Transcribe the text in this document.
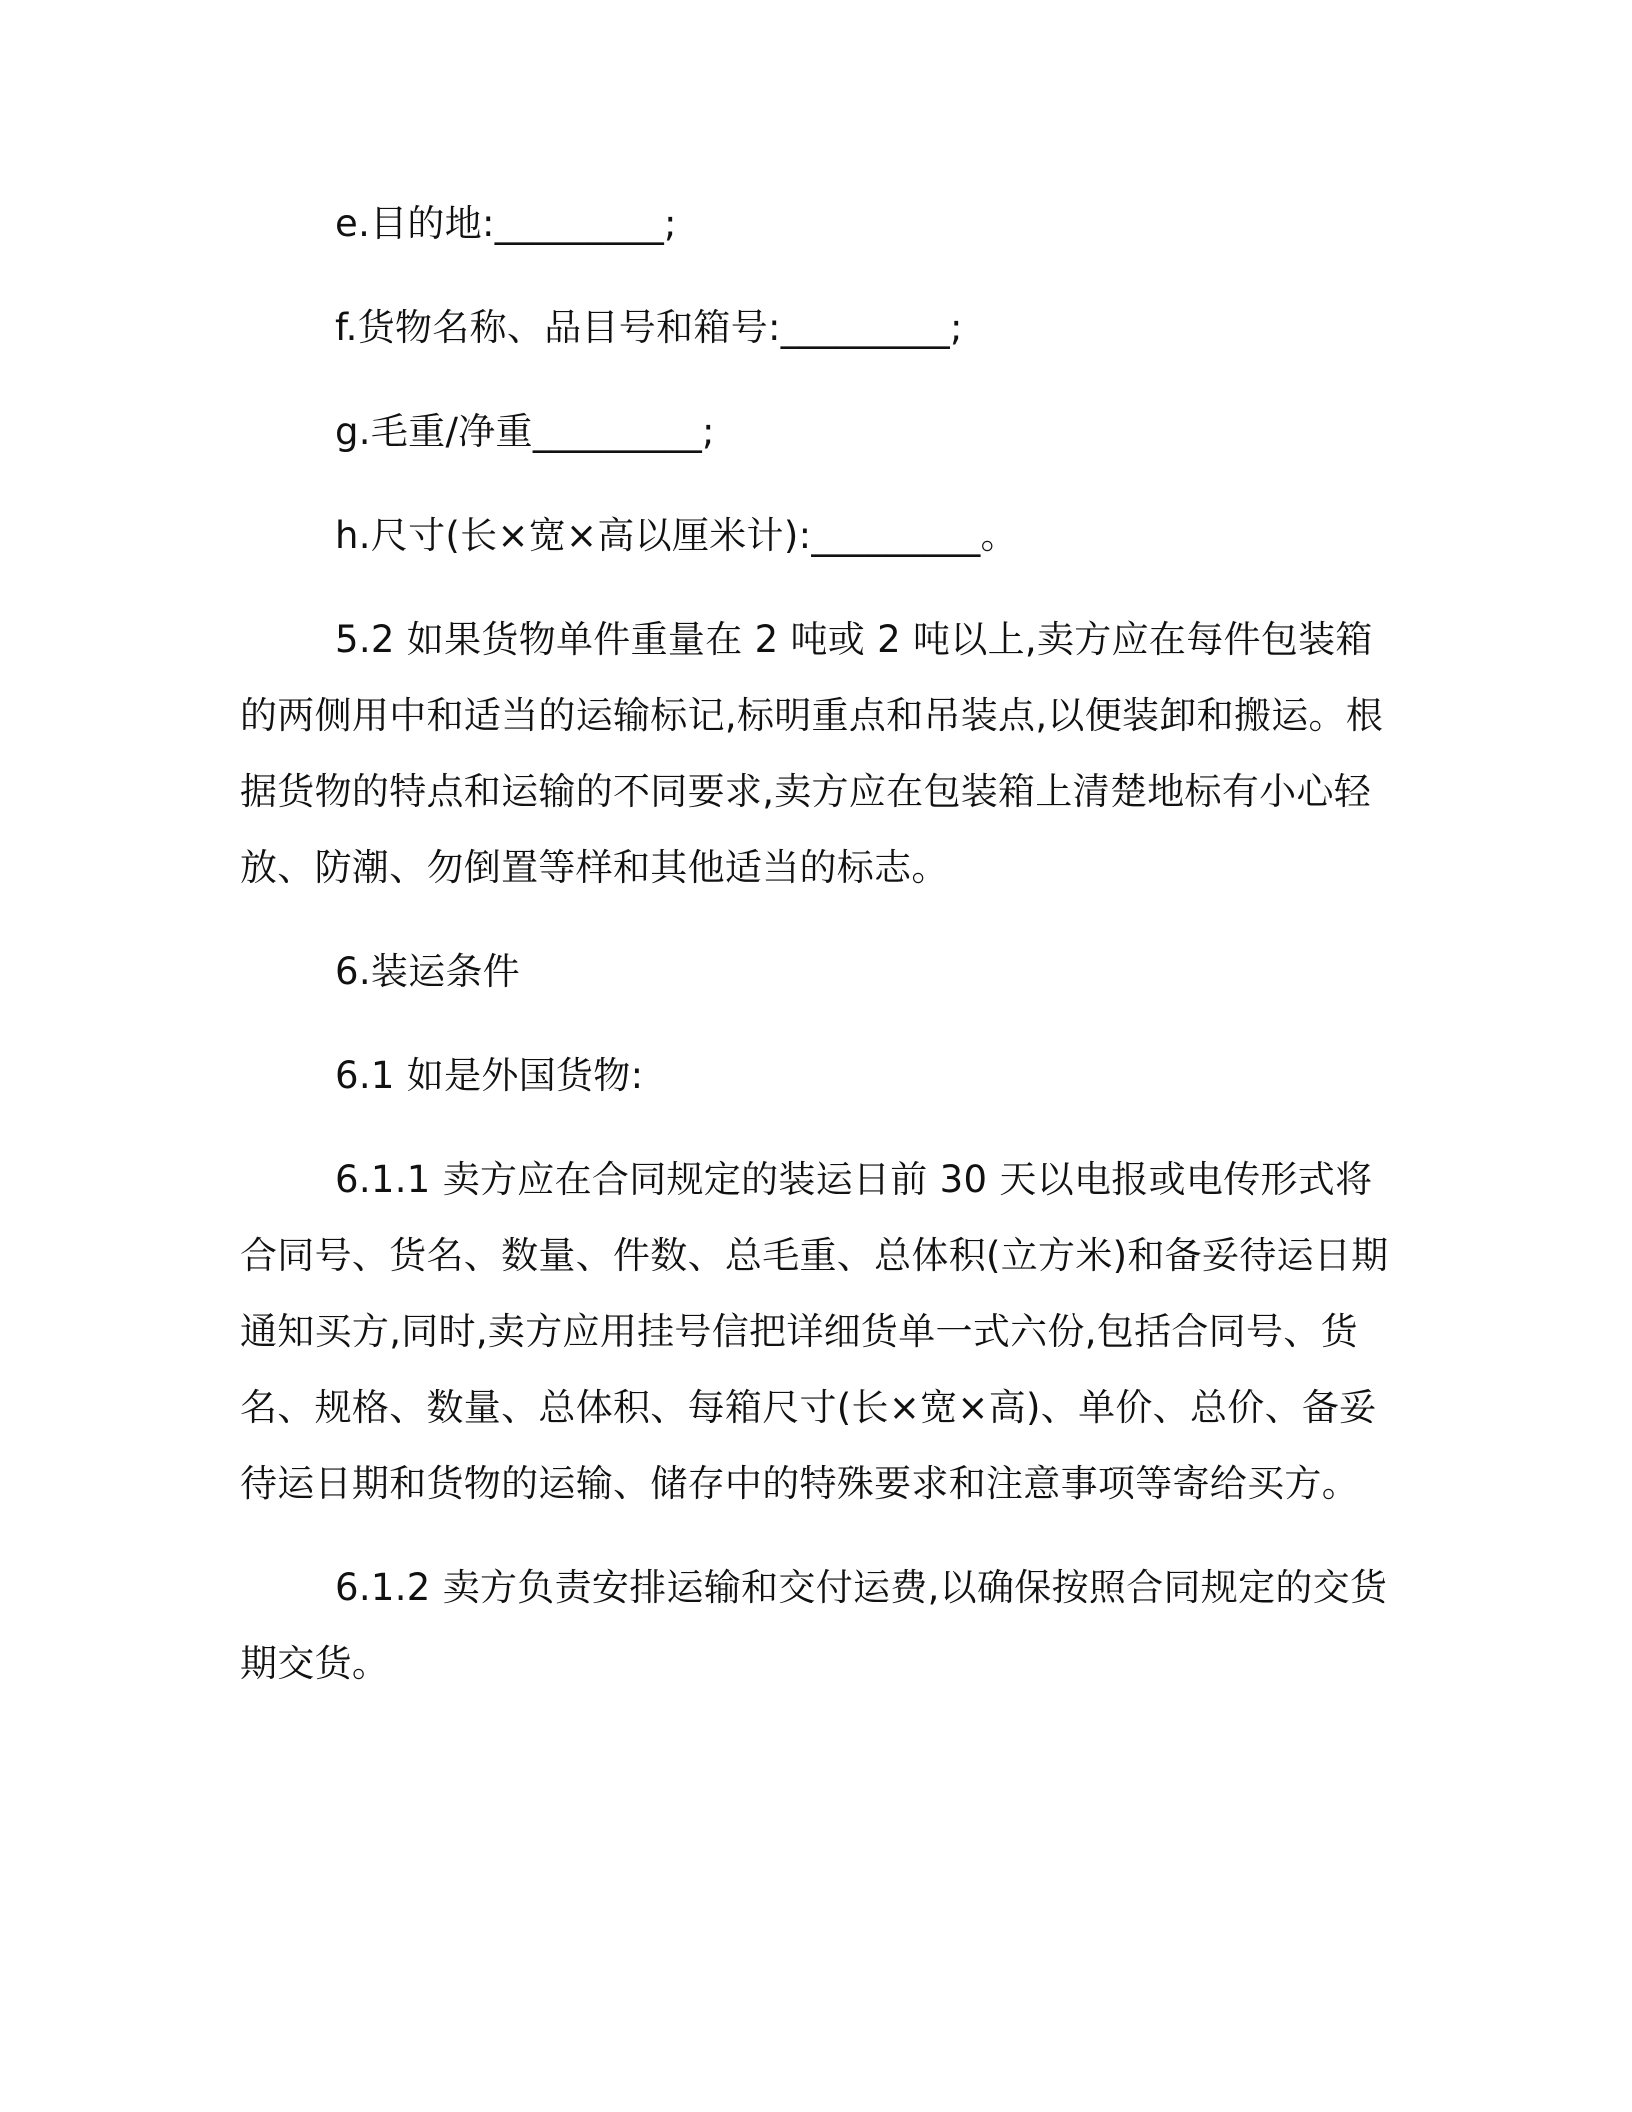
e.目的地:_________;

f.货物名称、品目号和箱号:_________;

g.毛重/净重_________;

h.尺寸(长×宽×高以厘米计):_________。

5.2 如果货物单件重量在 2 吨或 2 吨以上,卖方应在每件包装箱的两侧用中和适当的运输标记,标明重点和吊装点,以便装卸和搬运。根据货物的特点和运输的不同要求,卖方应在包装箱上清楚地标有小心轻放、防潮、勿倒置等样和其他适当的标志。

6.装运条件

6.1 如是外国货物:

6.1.1 卖方应在合同规定的装运日前 30 天以电报或电传形式将合同号、货名、数量、件数、总毛重、总体积(立方米)和备妥待运日期通知买方,同时,卖方应用挂号信把详细货单一式六份,包括合同号、货名、规格、数量、总体积、每箱尺寸(长×宽×高)、单价、总价、备妥待运日期和货物的运输、储存中的特殊要求和注意事项等寄给买方。

6.1.2 卖方负责安排运输和交付运费,以确保按照合同规定的交货期交货。
